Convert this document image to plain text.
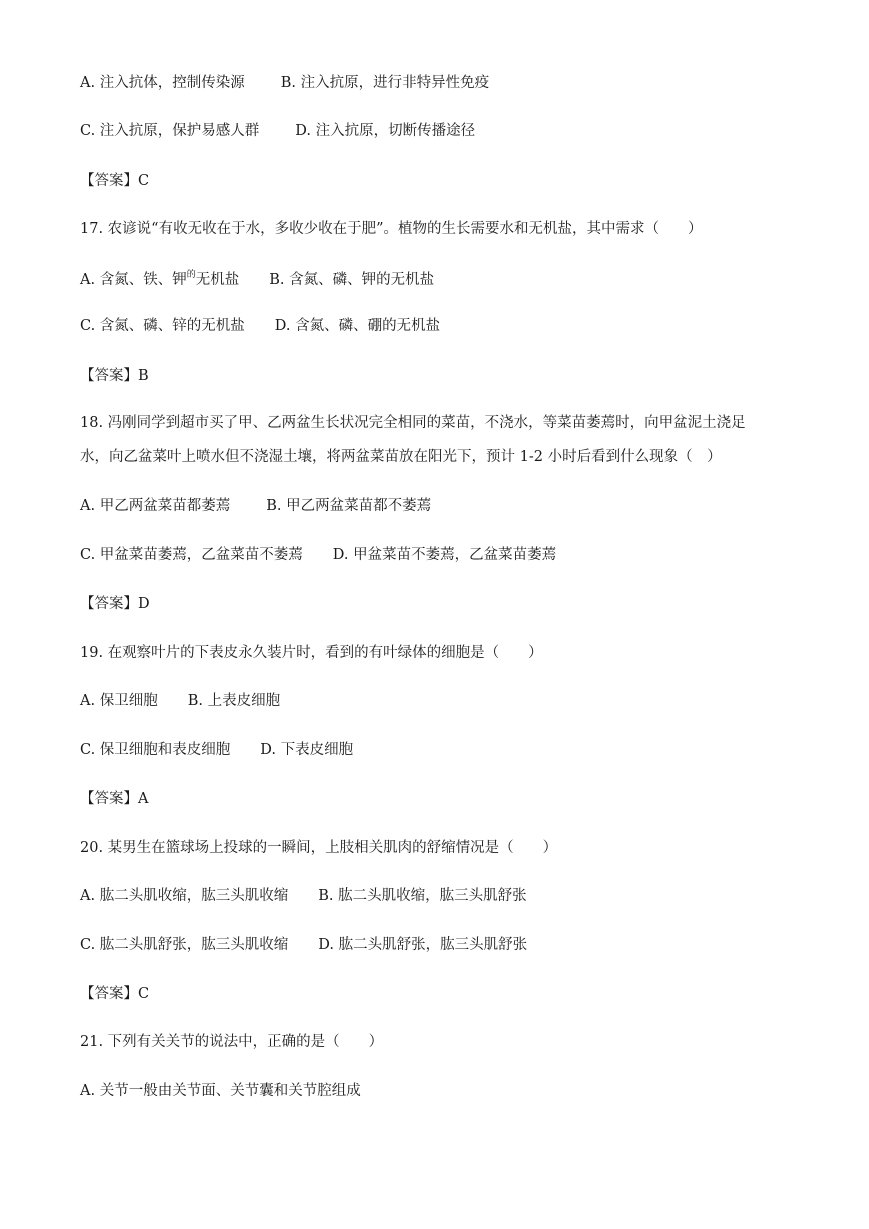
A. 注入抗体，控制传染源 B. 注入抗原，进行非特异性免疫
C. 注入抗原，保护易感人群 D. 注入抗原，切断传播途径
【答案】C
17. 农谚说“有收无收在于水，多收少收在于肥”。植物的生长需要水和无机盐，其中需求（　　）
A. 含氮、铁、钾$^的$无机盐 B. 含氮、磷、钾的无机盐
C. 含氮、磷、锌的无机盐 D. 含氮、磷、硼的无机盐
【答案】B
18. 冯刚同学到超市买了甲、乙两盆生长状况完全相同的菜苗，不浇水，等菜苗萎蔫时，向甲盆泥土浇足
水，向乙盆菜叶上喷水但不浇湿土壤，将两盆菜苗放在阳光下，预计 1-2 小时后看到什么现象（　）
A. 甲乙两盆菜苗都萎蔫 B. 甲乙两盆菜苗都不萎蔫
C. 甲盆菜苗萎蔫，乙盆菜苗不萎蔫 D. 甲盆菜苗不萎蔫，乙盆菜苗萎蔫
【答案】D
19. 在观察叶片的下表皮永久装片时，看到的有叶绿体的细胞是（　　）
A. 保卫细胞 B. 上表皮细胞
C. 保卫细胞和表皮细胞 D. 下表皮细胞
【答案】A
20. 某男生在篮球场上投球的一瞬间，上肢相关肌肉的舒缩情况是（　　）
A. 肱二头肌收缩，肱三头肌收缩 B. 肱二头肌收缩，肱三头肌舒张
C. 肱二头肌舒张，肱三头肌收缩 D. 肱二头肌舒张，肱三头肌舒张
【答案】C
21. 下列有关关节的说法中，正确的是（　　）
A. 关节一般由关节面、关节囊和关节腔组成
